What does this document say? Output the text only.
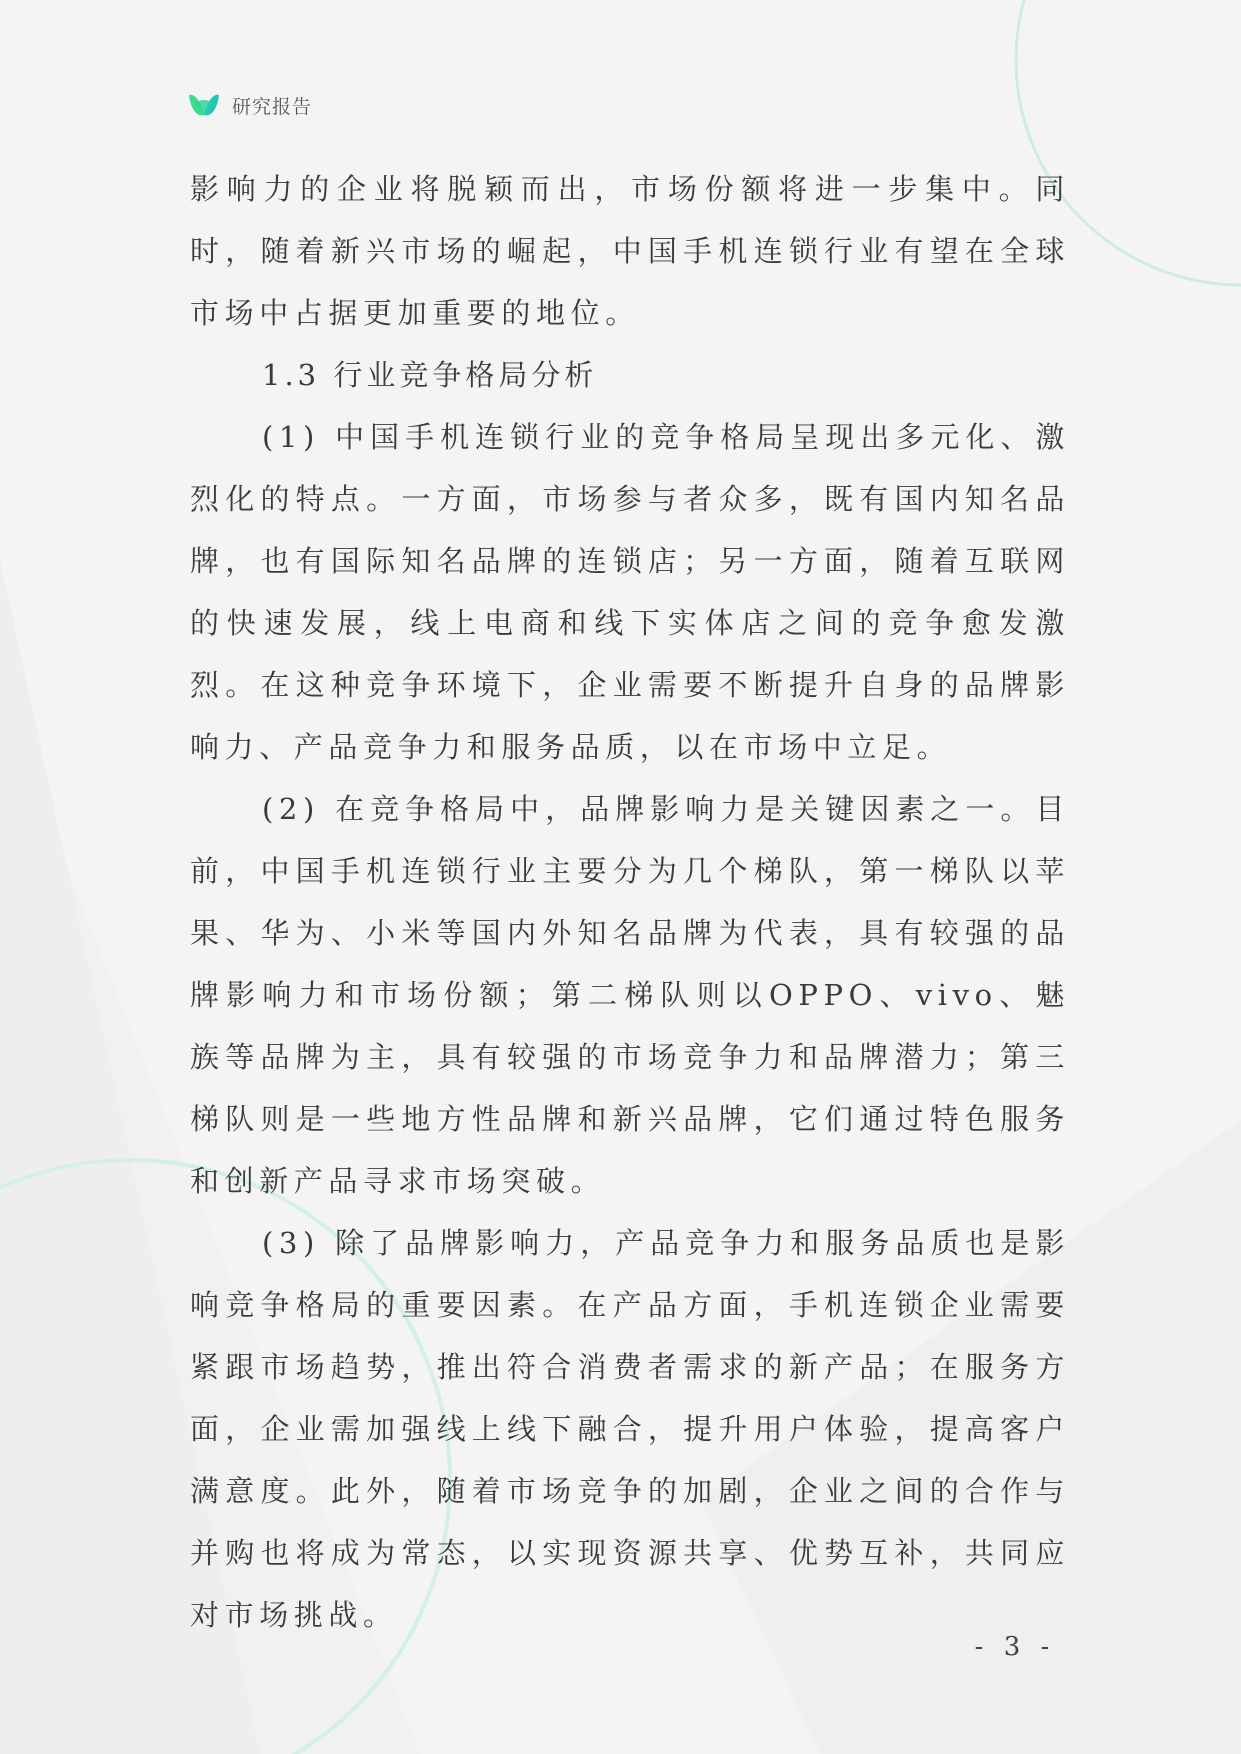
研究报告

影响力的企业将脱颖而出，市场份额将进一步集中。同时，随着新兴市场的崛起，中国手机连锁行业有望在全球市场中占据更加重要的地位。

1.3 行业竞争格局分析

(1) 中国手机连锁行业的竞争格局呈现出多元化、激烈化的特点。一方面，市场参与者众多，既有国内知名品牌，也有国际知名品牌的连锁店；另一方面，随着互联网的快速发展，线上电商和线下实体店之间的竞争愈发激烈。在这种竞争环境下，企业需要不断提升自身的品牌影响力、产品竞争力和服务品质，以在市场中立足。

(2) 在竞争格局中，品牌影响力是关键因素之一。目前，中国手机连锁行业主要分为几个梯队，第一梯队以苹果、华为、小米等国内外知名品牌为代表，具有较强的品牌影响力和市场份额；第二梯队则以OPPO、vivo、魅族等品牌为主，具有较强的市场竞争力和品牌潜力；第三梯队则是一些地方性品牌和新兴品牌，它们通过特色服务和创新产品寻求市场突破。

(3) 除了品牌影响力，产品竞争力和服务品质也是影响竞争格局的重要因素。在产品方面，手机连锁企业需要紧跟市场趋势，推出符合消费者需求的新产品；在服务方面，企业需加强线上线下融合，提升用户体验，提高客户满意度。此外，随着市场竞争的加剧，企业之间的合作与并购也将成为常态，以实现资源共享、优势互补，共同应对市场挑战。

- 3 -
